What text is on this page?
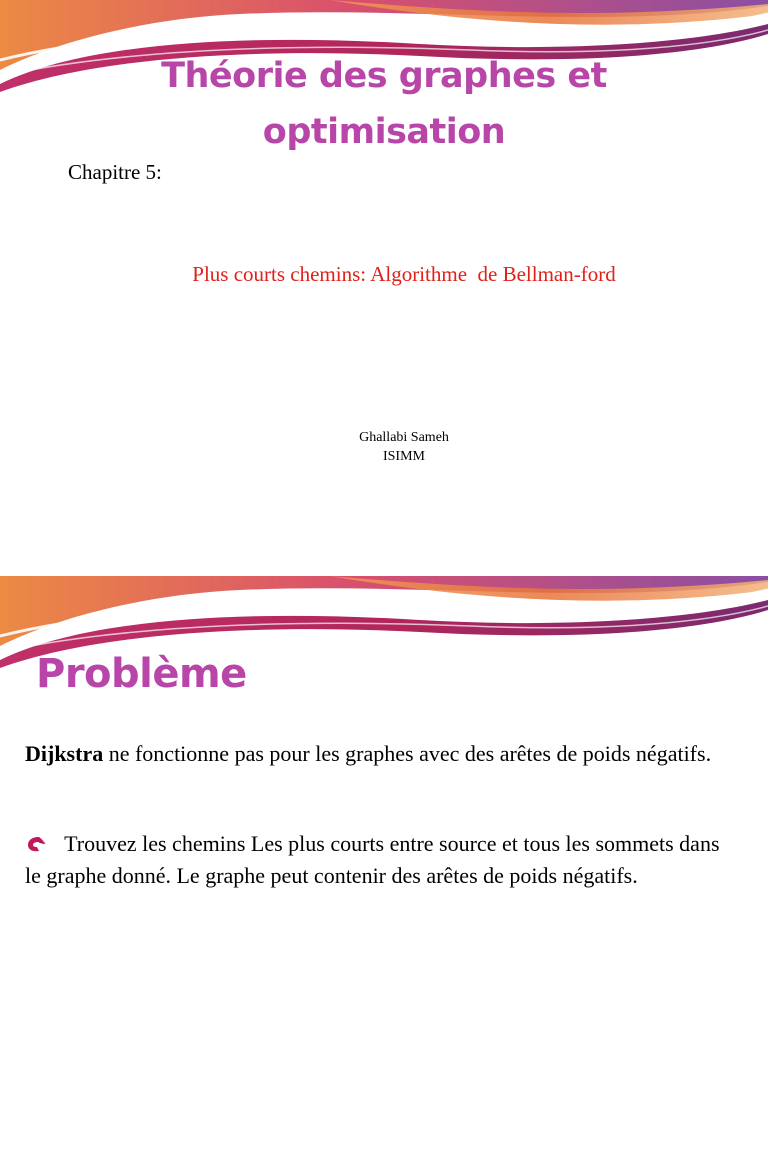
Théorie des graphes et
optimisation
Chapitre 5:
Plus courts chemins: Algorithme  de Bellman-ford
Ghallabi Sameh
ISIMM
Problème

Dijkstra ne fonctionne pas pour les graphes avec des arêtes de poids négatifs.

Trouvez les chemins Les plus courts entre source et tous les sommets dans le graphe donné. Le graphe peut contenir des arêtes de poids négatifs.
